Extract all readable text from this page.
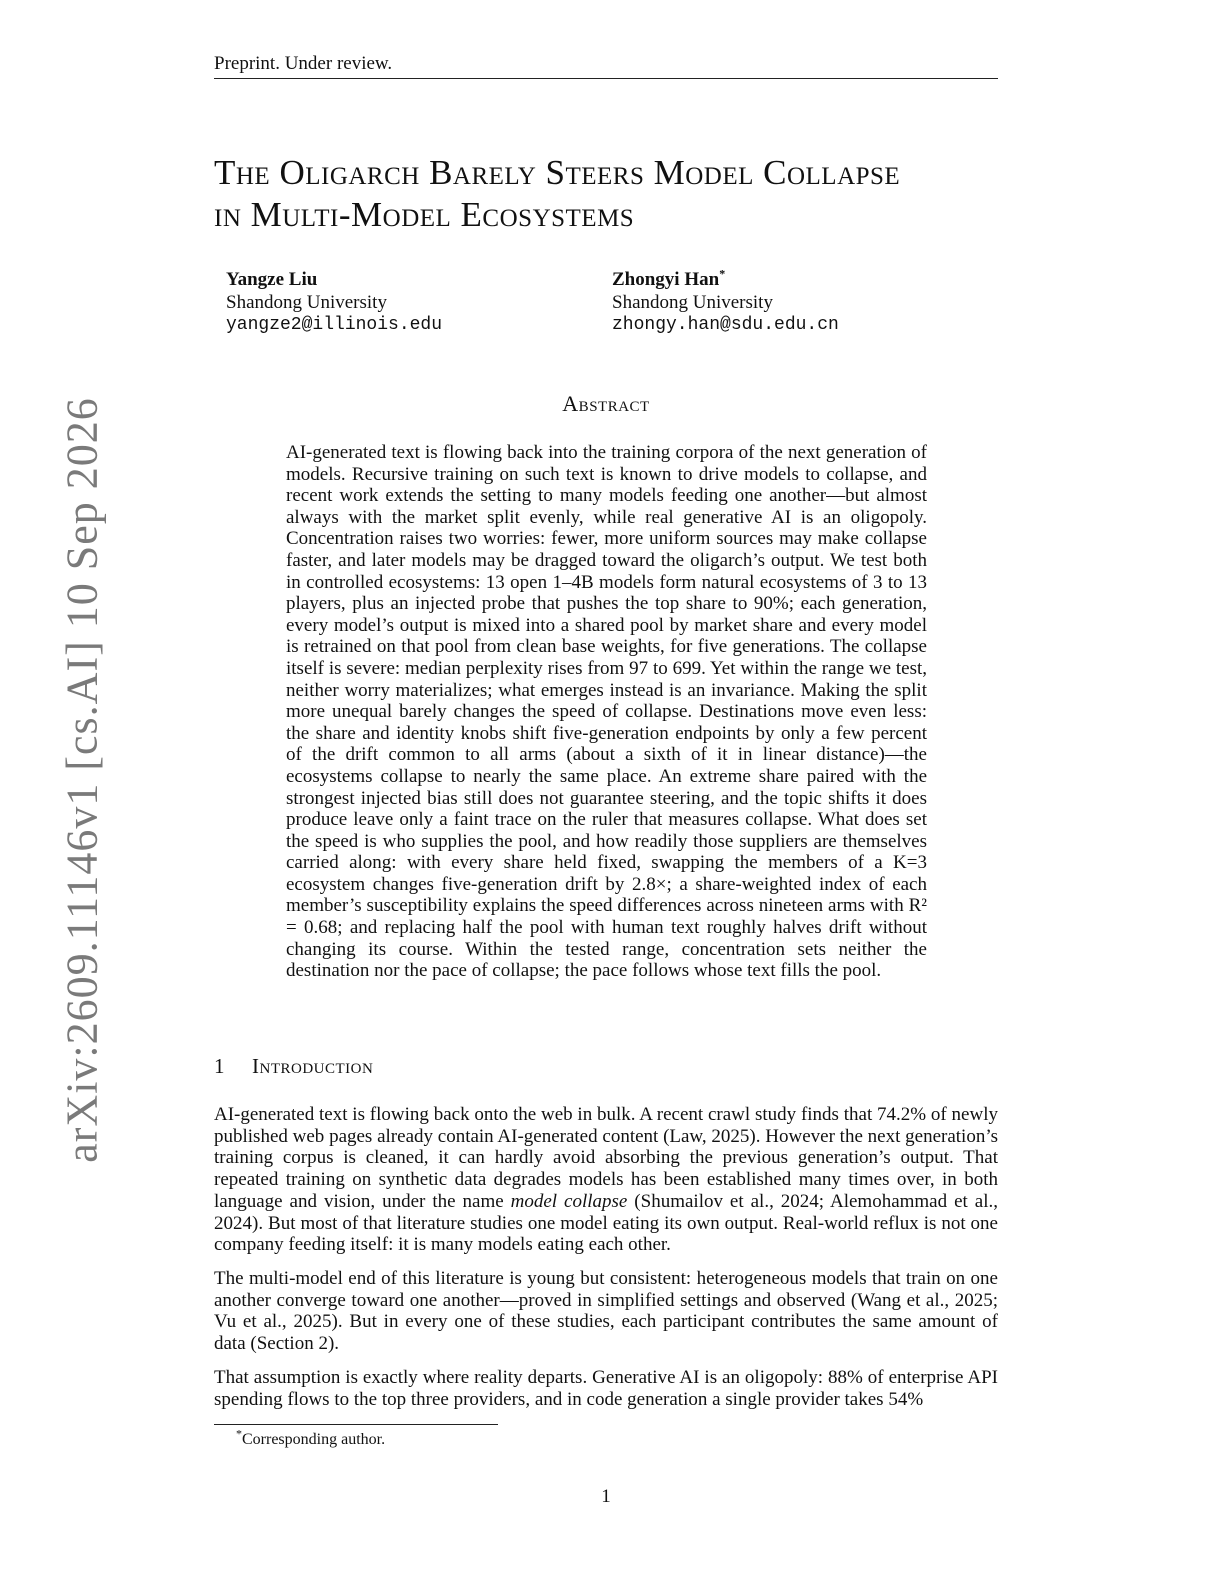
Preprint. Under review.
arXiv:2609.11146v1 [cs.AI] 10 Sep 2026
The Oligarch Barely Steers Model Collapse
in Multi-Model Ecosystems
Yangze Liu
Shandong University
yangze2@illinois.edu
Zhongyi Han*
Shandong University
zhongy.han@sdu.edu.cn
Abstract

AI-generated text is flowing back into the training corpora of the next generation of models. Recursive training on such text is known to drive models to collapse, and recent work extends the setting to many models feeding one another—but almost always with the market split evenly, while real generative AI is an oligopoly. Concentration raises two worries: fewer, more uniform sources may make collapse faster, and later models may be dragged toward the oligarch’s output. We test both in controlled ecosystems: 13 open 1–4B models form natural ecosystems of 3 to 13 players, plus an injected probe that pushes the top share to 90%; each generation, every model’s output is mixed into a shared pool by market share and every model is retrained on that pool from clean base weights, for five generations. The collapse itself is severe: median perplexity rises from 97 to 699. Yet within the range we test, neither worry materializes; what emerges instead is an invariance. Making the split more unequal barely changes the speed of collapse. Destinations move even less: the share and identity knobs shift five-generation endpoints by only a few percent of the drift common to all arms (about a sixth of it in linear distance)—the ecosystems collapse to nearly the same place. An extreme share paired with the strongest injected bias still does not guarantee steering, and the topic shifts it does produce leave only a faint trace on the ruler that measures collapse. What does set the speed is who supplies the pool, and how readily those suppliers are themselves carried along: with every share held fixed, swapping the members of a K=3 ecosystem changes five-generation drift by 2.8×; a share-weighted index of each member’s susceptibility explains the speed differences across nineteen arms with R² = 0.68; and replacing half the pool with human text roughly halves drift without changing its course. Within the tested range, concentration sets neither the destination nor the pace of collapse; the pace follows whose text fills the pool.

1 Introduction

AI-generated text is flowing back onto the web in bulk. A recent crawl study finds that 74.2% of newly published web pages already contain AI-generated content (Law, 2025). However the next generation’s training corpus is cleaned, it can hardly avoid absorbing the previous generation’s output. That repeated training on synthetic data degrades models has been established many times over, in both language and vision, under the name model collapse (Shumailov et al., 2024; Alemohammad et al., 2024). But most of that literature studies one model eating its own output. Real-world reflux is not one company feeding itself: it is many models eating each other.

The multi-model end of this literature is young but consistent: heterogeneous models that train on one another converge toward one another—proved in simplified settings and observed (Wang et al., 2025; Vu et al., 2025). But in every one of these studies, each participant contributes the same amount of data (Section 2).

That assumption is exactly where reality departs. Generative AI is an oligopoly: 88% of enterprise API spending flows to the top three providers, and in code generation a single provider takes 54%

*Corresponding author.
1
